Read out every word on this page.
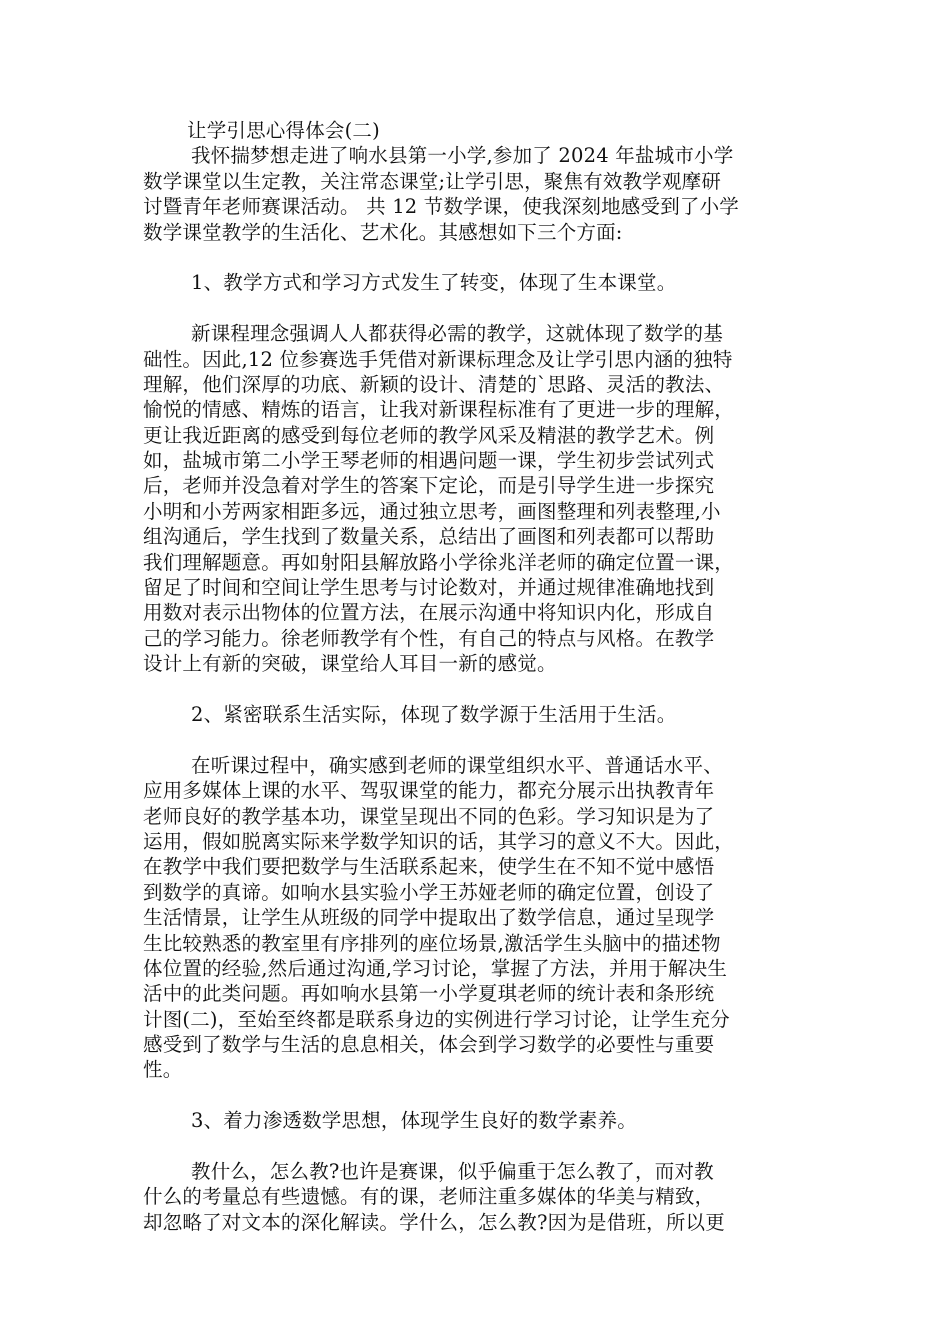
让学引思心得体会(二)
我怀揣梦想走进了响水县第一小学,参加了 2024 年盐城市小学
数学课堂以生定教，关注常态课堂;让学引思，聚焦有效教学观摩研
讨暨青年老师赛课活动。 共 12 节数学课，使我深刻地感受到了小学
数学课堂教学的生活化、艺术化。其感想如下三个方面:
1、教学方式和学习方式发生了转变，体现了生本课堂。
新课程理念强调人人都获得必需的教学，这就体现了数学的基
础性。因此,12 位参赛选手凭借对新课标理念及让学引思内涵的独特
理解，他们深厚的功底、新颖的设计、清楚的`思路、灵活的教法、
愉悦的情感、精炼的语言，让我对新课程标准有了更进一步的理解，
更让我近距离的感受到每位老师的教学风采及精湛的教学艺术。例
如，盐城市第二小学王琴老师的相遇问题一课，学生初步尝试列式
后，老师并没急着对学生的答案下定论，而是引导学生进一步探究
小明和小芳两家相距多远，通过独立思考，画图整理和列表整理,小
组沟通后，学生找到了数量关系，总结出了画图和列表都可以帮助
我们理解题意。再如射阳县解放路小学徐兆洋老师的确定位置一课，
留足了时间和空间让学生思考与讨论数对，并通过规律准确地找到
用数对表示出物体的位置方法，在展示沟通中将知识内化，形成自
己的学习能力。徐老师教学有个性，有自己的特点与风格。在教学
设计上有新的突破，课堂给人耳目一新的感觉。
2、紧密联系生活实际，体现了数学源于生活用于生活。
在听课过程中，确实感到老师的课堂组织水平、普通话水平、
应用多媒体上课的水平、驾驭课堂的能力，都充分展示出执教青年
老师良好的教学基本功，课堂呈现出不同的色彩。学习知识是为了
运用，假如脱离实际来学数学知识的话，其学习的意义不大。因此，
在教学中我们要把数学与生活联系起来，使学生在不知不觉中感悟
到数学的真谛。如响水县实验小学王苏娅老师的确定位置，创设了
生活情景，让学生从班级的同学中提取出了数学信息，通过呈现学
生比较熟悉的教室里有序排列的座位场景,激活学生头脑中的描述物
体位置的经验,然后通过沟通,学习讨论，掌握了方法，并用于解决生
活中的此类问题。再如响水县第一小学夏琪老师的统计表和条形统
计图(二)，至始至终都是联系身边的实例进行学习讨论，让学生充分
感受到了数学与生活的息息相关，体会到学习数学的必要性与重要
性。
3、着力渗透数学思想，体现学生良好的数学素养。
教什么，怎么教?也许是赛课，似乎偏重于怎么教了，而对教
什么的考量总有些遗憾。有的课，老师注重多媒体的华美与精致，
却忽略了对文本的深化解读。学什么，怎么教?因为是借班，所以更
